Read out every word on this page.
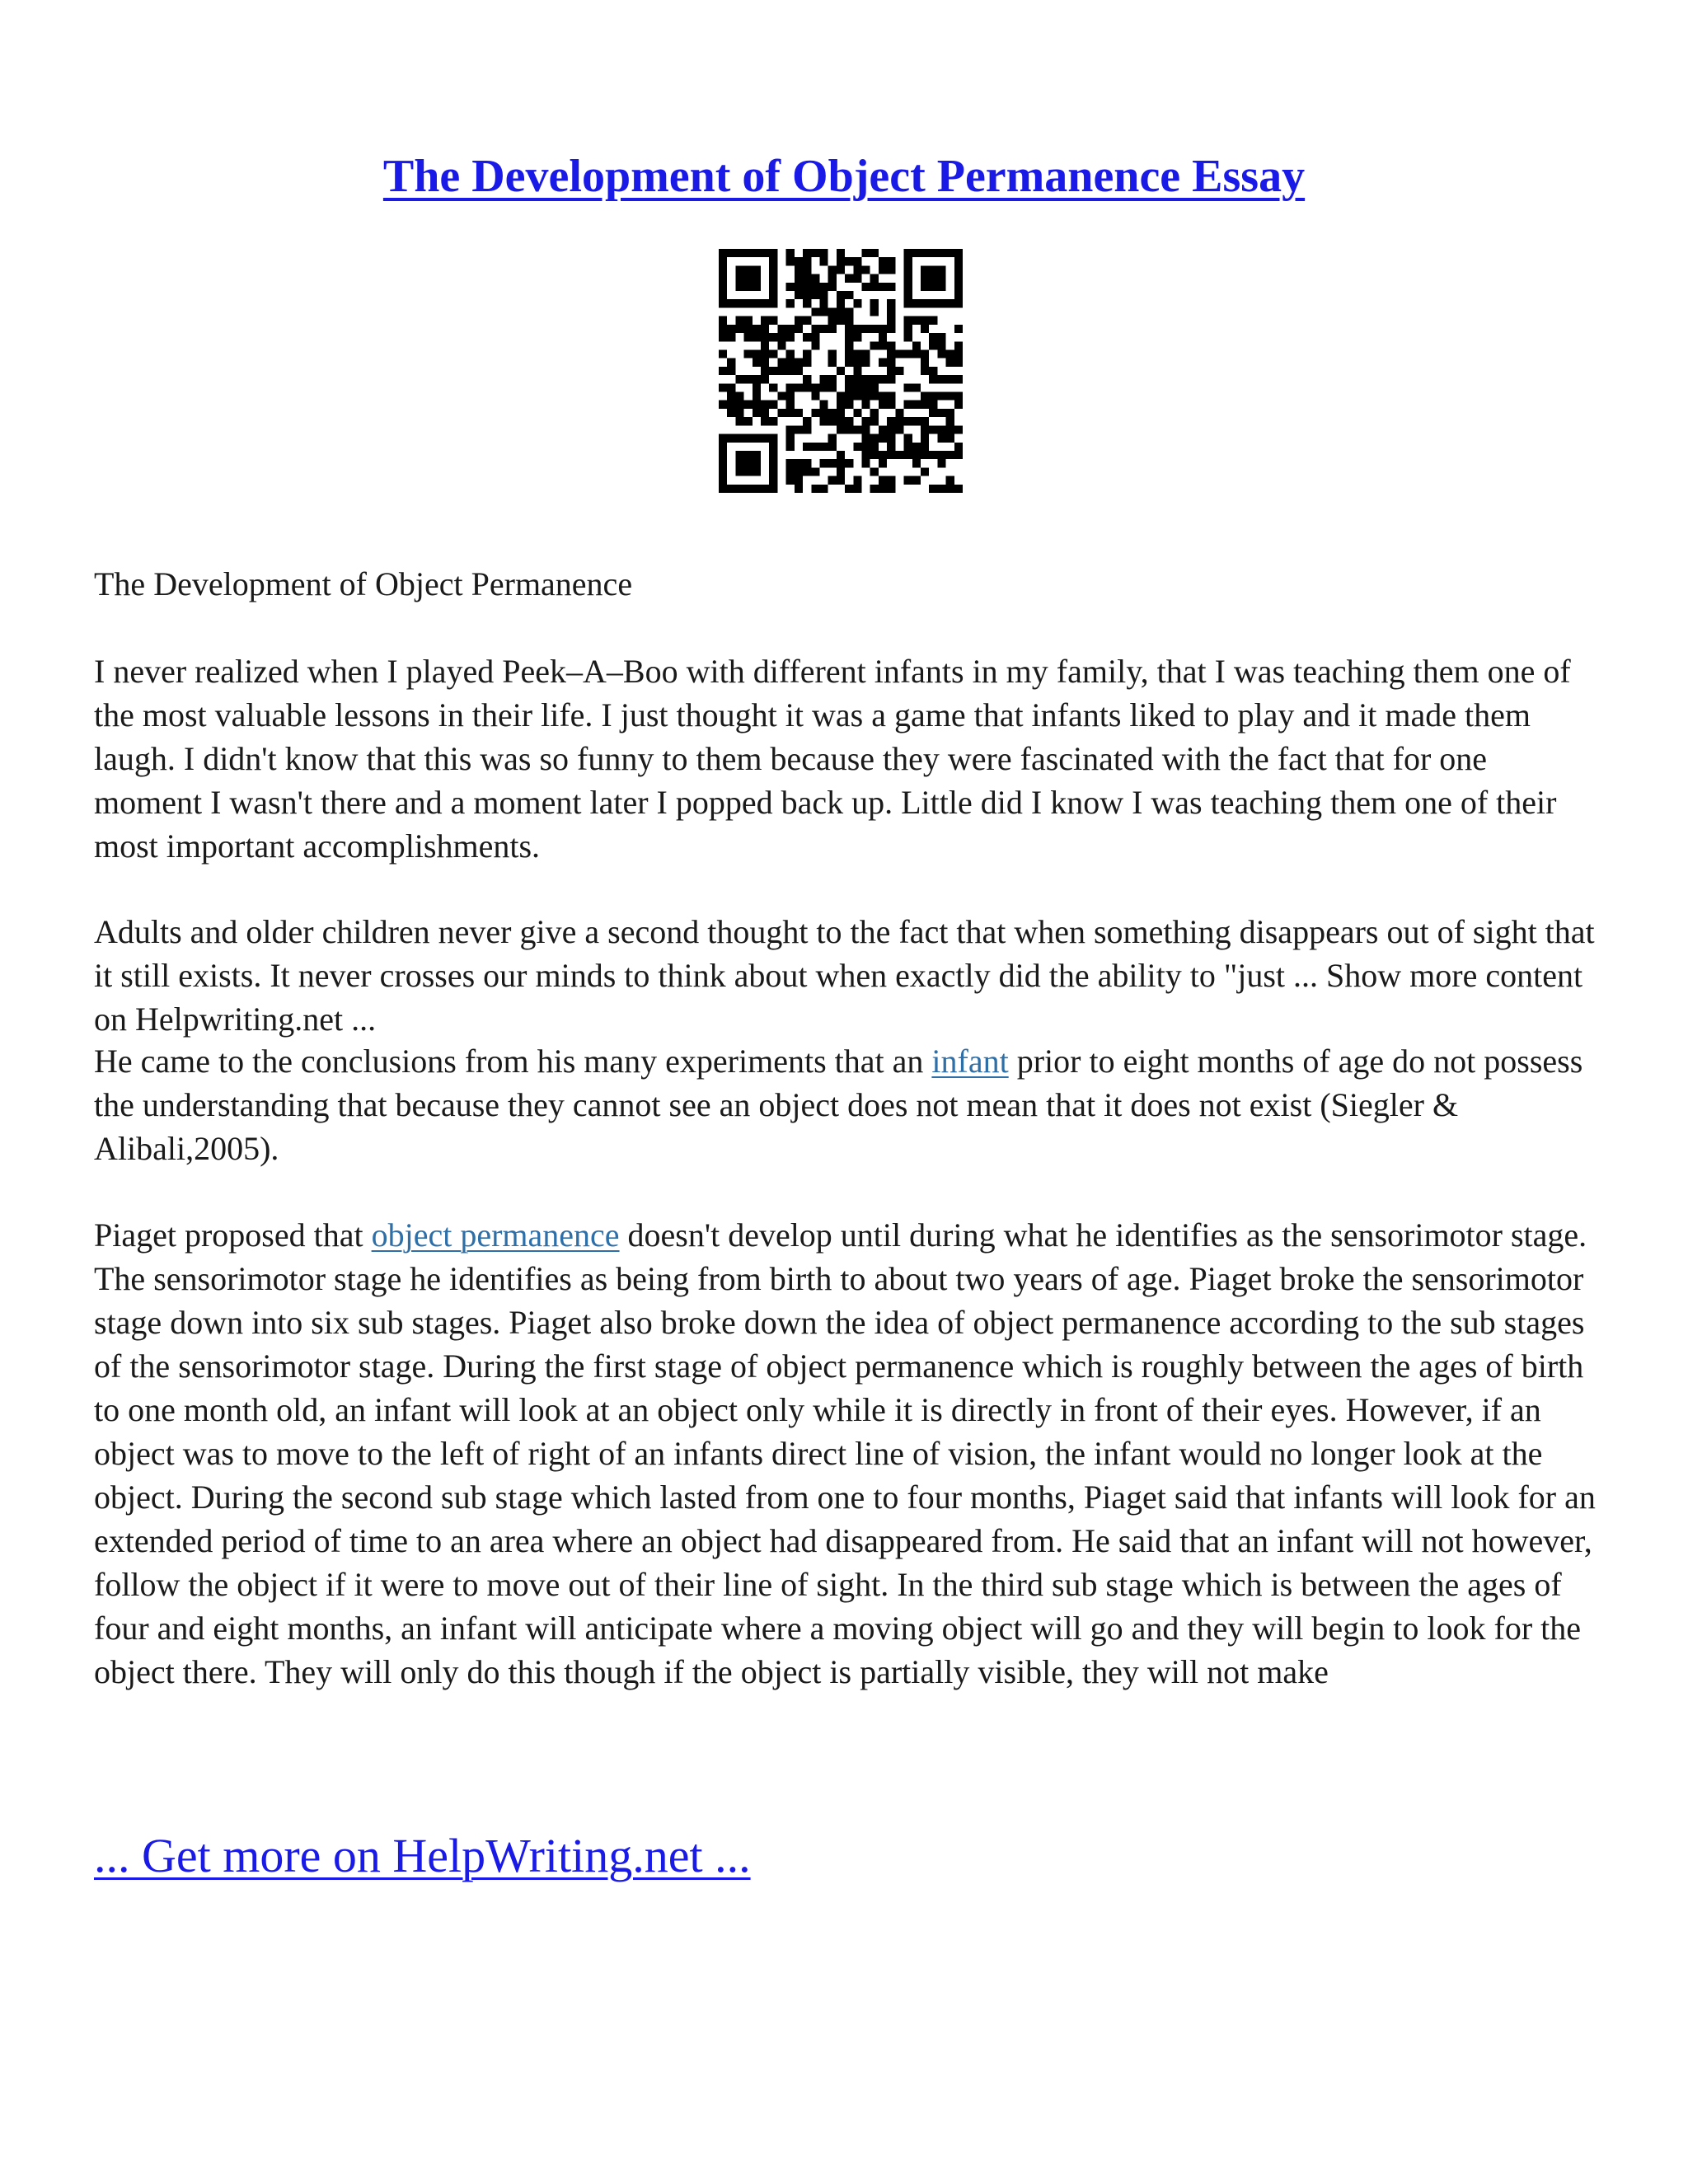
The Development of Object Permanence Essay

The Development of Object Permanence

I never realized when I played Peek–A–Boo with different infants in my family, that I was teaching them one of the most valuable lessons in their life. I just thought it was a game that infants liked to play and it made them laugh. I didn't know that this was so funny to them because they were fascinated with the fact that for one moment I wasn't there and a moment later I popped back up. Little did I know I was teaching them one of their most important accomplishments.

Adults and older children never give a second thought to the fact that when something disappears out of sight that it still exists. It never crosses our minds to think about when exactly did the ability to "just ... Show more content on Helpwriting.net ...

He came to the conclusions from his many experiments that an infant prior to eight months of age do not possess the understanding that because they cannot see an object does not mean that it does not exist (Siegler & Alibali,2005).

Piaget proposed that object permanence doesn't develop until during what he identifies as the sensorimotor stage. The sensorimotor stage he identifies as being from birth to about two years of age. Piaget broke the sensorimotor stage down into six sub stages. Piaget also broke down the idea of object permanence according to the sub stages of the sensorimotor stage. During the first stage of object permanence which is roughly between the ages of birth to one month old, an infant will look at an object only while it is directly in front of their eyes. However, if an object was to move to the left of right of an infants direct line of vision, the infant would no longer look at the object. During the second sub stage which lasted from one to four months, Piaget said that infants will look for an extended period of time to an area where an object had disappeared from. He said that an infant will not however, follow the object if it were to move out of their line of sight. In the third sub stage which is between the ages of four and eight months, an infant will anticipate where a moving object will go and they will begin to look for the object there. They will only do this though if the object is partially visible, they will not make

... Get more on HelpWriting.net ...
